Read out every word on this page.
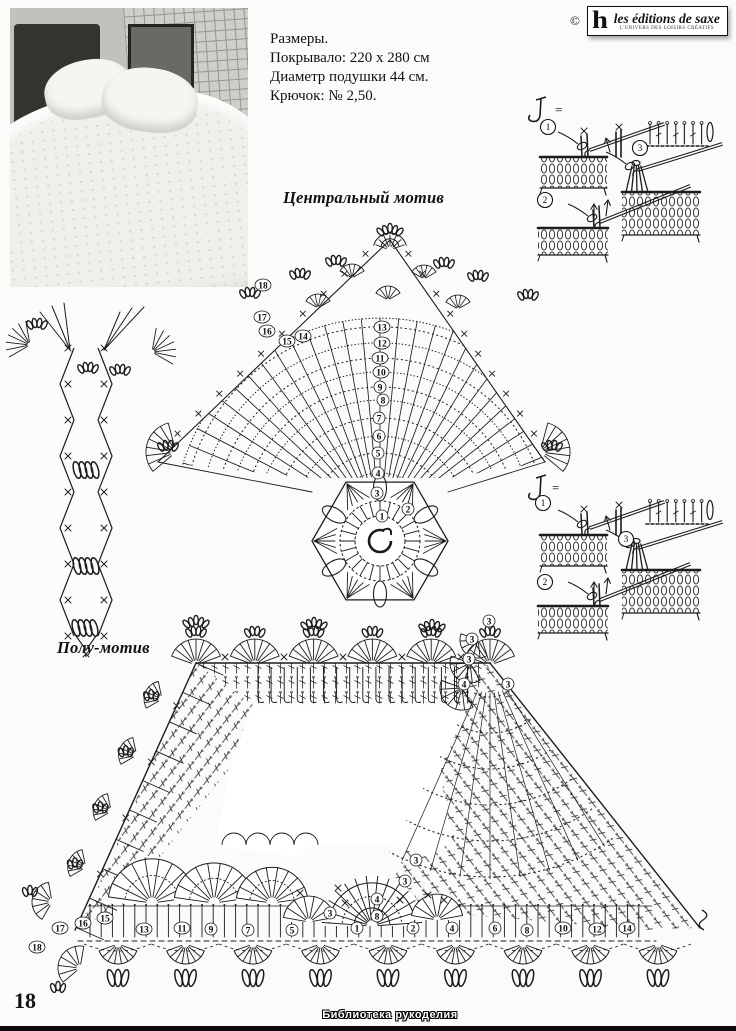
Размеры.
Покрывало: 220 х 280 см
Диаметр подушки 44 см.
Крючок: № 2,50.
© h les éditions de saxe
L'UNIVERS DES LOISIRS CRÉATIFS
Центральный мотив
Полу-мотив
=
1
2
3
=
1
2
3
1
2
3
4
5
6
7
8
9
10
11
12
13
14
15
16
17
18
18
17 16 15
13	11 9	7	5
3
1	2	4	6	8	10	12 14
8
4
3
3
3
3
3
4	3
18
Библиотека рукоделия
